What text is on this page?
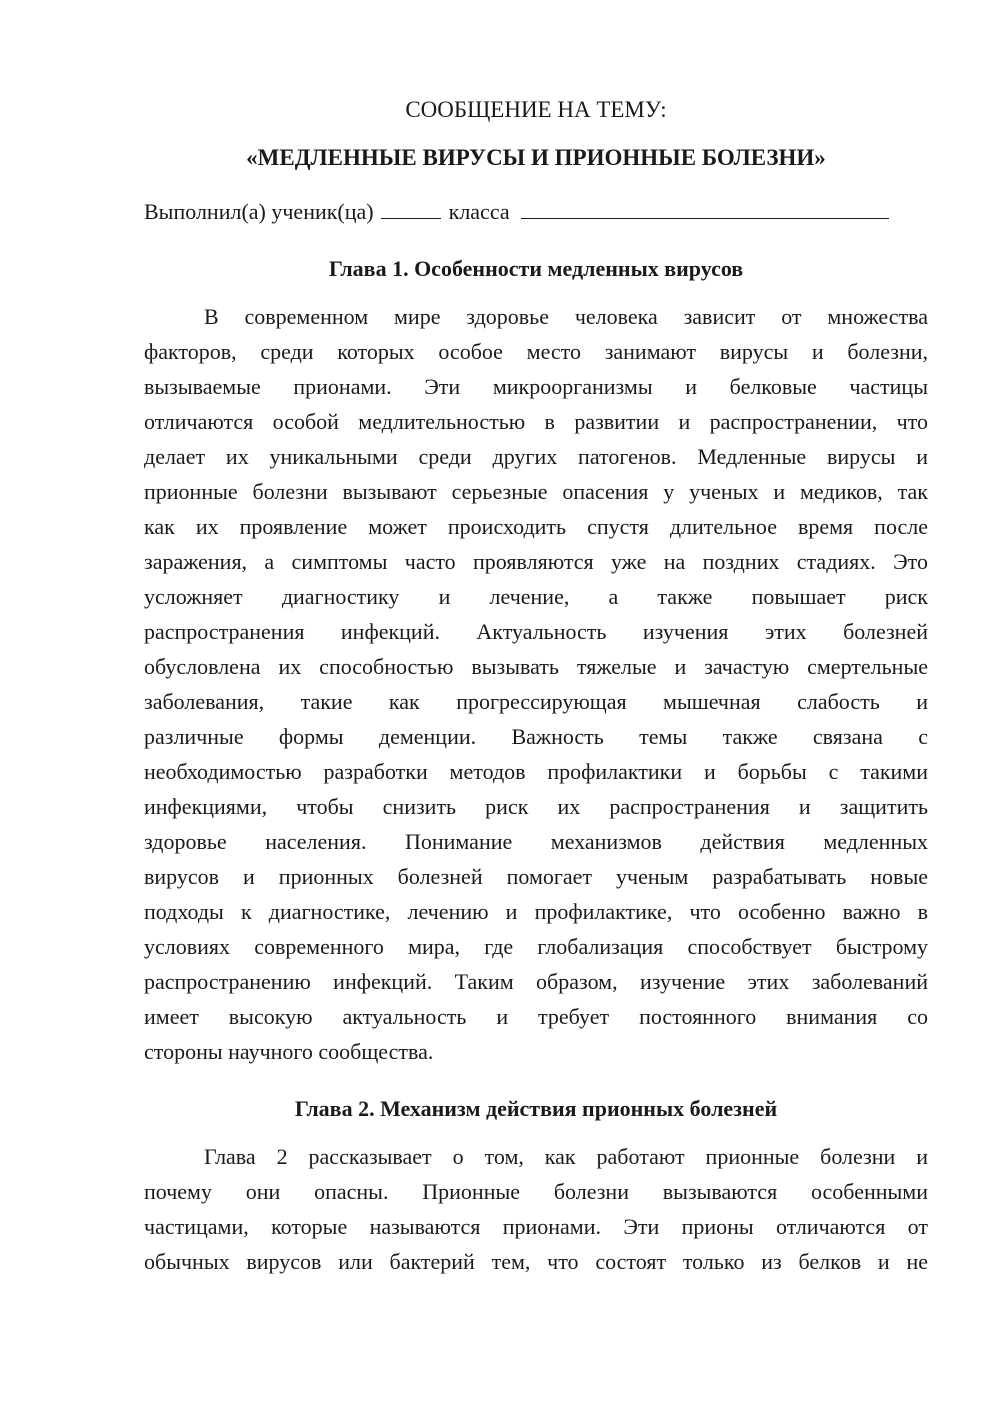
СООБЩЕНИЕ НА ТЕМУ:
«МЕДЛЕННЫЕ ВИРУСЫ И ПРИОННЫЕ БОЛЕЗНИ»
Выполнил(а) ученик(ца)	класса
Глава 1. Особенности медленных вирусов
В современном мире здоровье человека зависит от множества
факторов, среди которых особое место занимают вирусы и болезни,
вызываемые прионами. Эти микроорганизмы и белковые частицы
отличаются особой медлительностью в развитии и распространении, что
делает их уникальными среди других патогенов. Медленные вирусы и
прионные болезни вызывают серьезные опасения у ученых и медиков, так
как их проявление может происходить спустя длительное время после
заражения, а симптомы часто проявляются уже на поздних стадиях. Это
усложняет диагностику и лечение, а также повышает риск
распространения инфекций. Актуальность изучения этих болезней
обусловлена их способностью вызывать тяжелые и зачастую смертельные
заболевания, такие как прогрессирующая мышечная слабость и
различные формы деменции. Важность темы также связана с
необходимостью разработки методов профилактики и борьбы с такими
инфекциями, чтобы снизить риск их распространения и защитить
здоровье населения. Понимание механизмов действия медленных
вирусов и прионных болезней помогает ученым разрабатывать новые
подходы к диагностике, лечению и профилактике, что особенно важно в
условиях современного мира, где глобализация способствует быстрому
распространению инфекций. Таким образом, изучение этих заболеваний
имеет высокую актуальность и требует постоянного внимания со
стороны научного сообщества.
Глава 2. Механизм действия прионных болезней
Глава 2 рассказывает о том, как работают прионные болезни и
почему они опасны. Прионные болезни вызываются особенными
частицами, которые называются прионами. Эти прионы отличаются от
обычных вирусов или бактерий тем, что состоят только из белков и не
